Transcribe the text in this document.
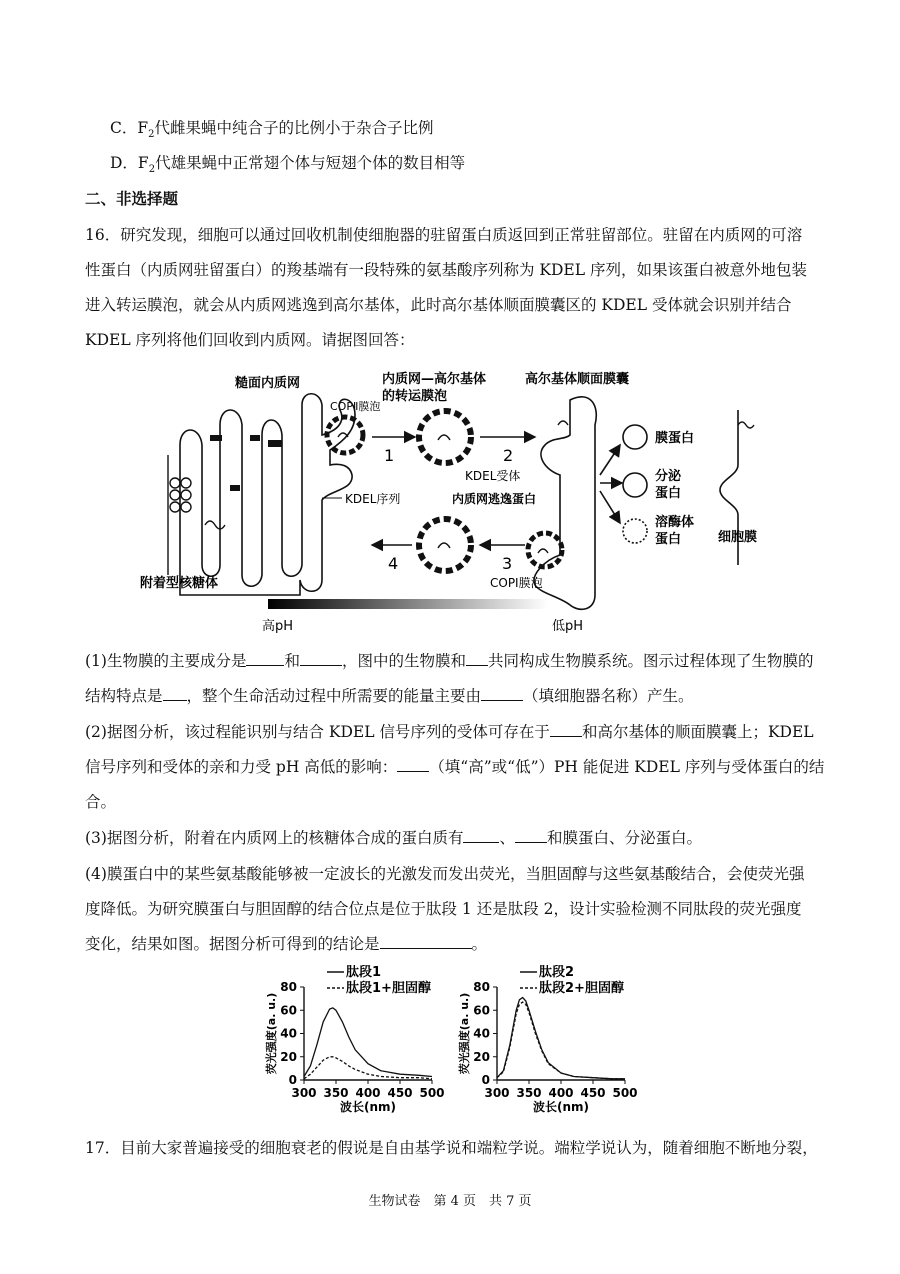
C．$F_2$代雌果蝇中纯合子的比例小于杂合子比例
D．$F_2$代雄果蝇中正常翅个体与短翅个体的数目相等
二、非选择题
16．研究发现，细胞可以通过回收机制使细胞器的驻留蛋白质返回到正常驻留部位。驻留在内质网的可溶
性蛋白（内质网驻留蛋白）的羧基端有一段特殊的氨基酸序列称为 KDEL 序列，如果该蛋白被意外地包装
进入转运膜泡，就会从内质网逃逸到高尔基体，此时高尔基体顺面膜囊区的 KDEL 受体就会识别并结合
KDEL 序列将他们回收到内质网。请据图回答：
糙面内质网	内质网—高尔基体
的转运膜泡
高尔基体顺面膜囊
COPⅡ膜泡
附着型核糖体
1	2
KDEL受体
KDEL序列	内质网逃逸蛋白
COPⅠ膜泡
3
4
膜蛋白
分泌
蛋白
溶酶体
蛋白	细胞膜
高pH	低pH
(1)生物膜的主要成分是 和	，图中的生物膜和 共同构成生物膜系统。图示过程体现了生物膜的
结构特点是 ，整个生命活动过程中所需要的能量主要由	（填细胞器名称）产生。
(2)据图分析，该过程能识别与结合 KDEL 信号序列的受体可存在于 和高尔基体的顺面膜囊上；KDEL
信号序列和受体的亲和力受 pH 高低的影响： （填“高”或“低”）PH 能促进 KDEL 序列与受体蛋白的结
合。
(3)据图分析，附着在内质网上的核糖体合成的蛋白质有 、 和膜蛋白、分泌蛋白。
(4)膜蛋白中的某些氨基酸能够被一定波长的光激发而发出荧光，当胆固醇与这些氨基酸结合，会使荧光强
度降低。为研究膜蛋白与胆固醇的结合位点是位于肽段 1 还是肽段 2，设计实验检测不同肽段的荧光强度
变化，结果如图。据图分析可得到的结论是	。
0
20
40
60
80
300 350 400 450 500
波长(nm)
荧光强度(a. u.)
肽段1
肽段1+胆固醇
0
20
40
60
80
300 350 400 450 500
波长(nm)
荧光强度(a. u.)
肽段2
肽段2+胆固醇
17．目前大家普遍接受的细胞衰老的假说是自由基学说和端粒学说。端粒学说认为，随着细胞不断地分裂，
生物试卷　第 4 页　共 7 页
